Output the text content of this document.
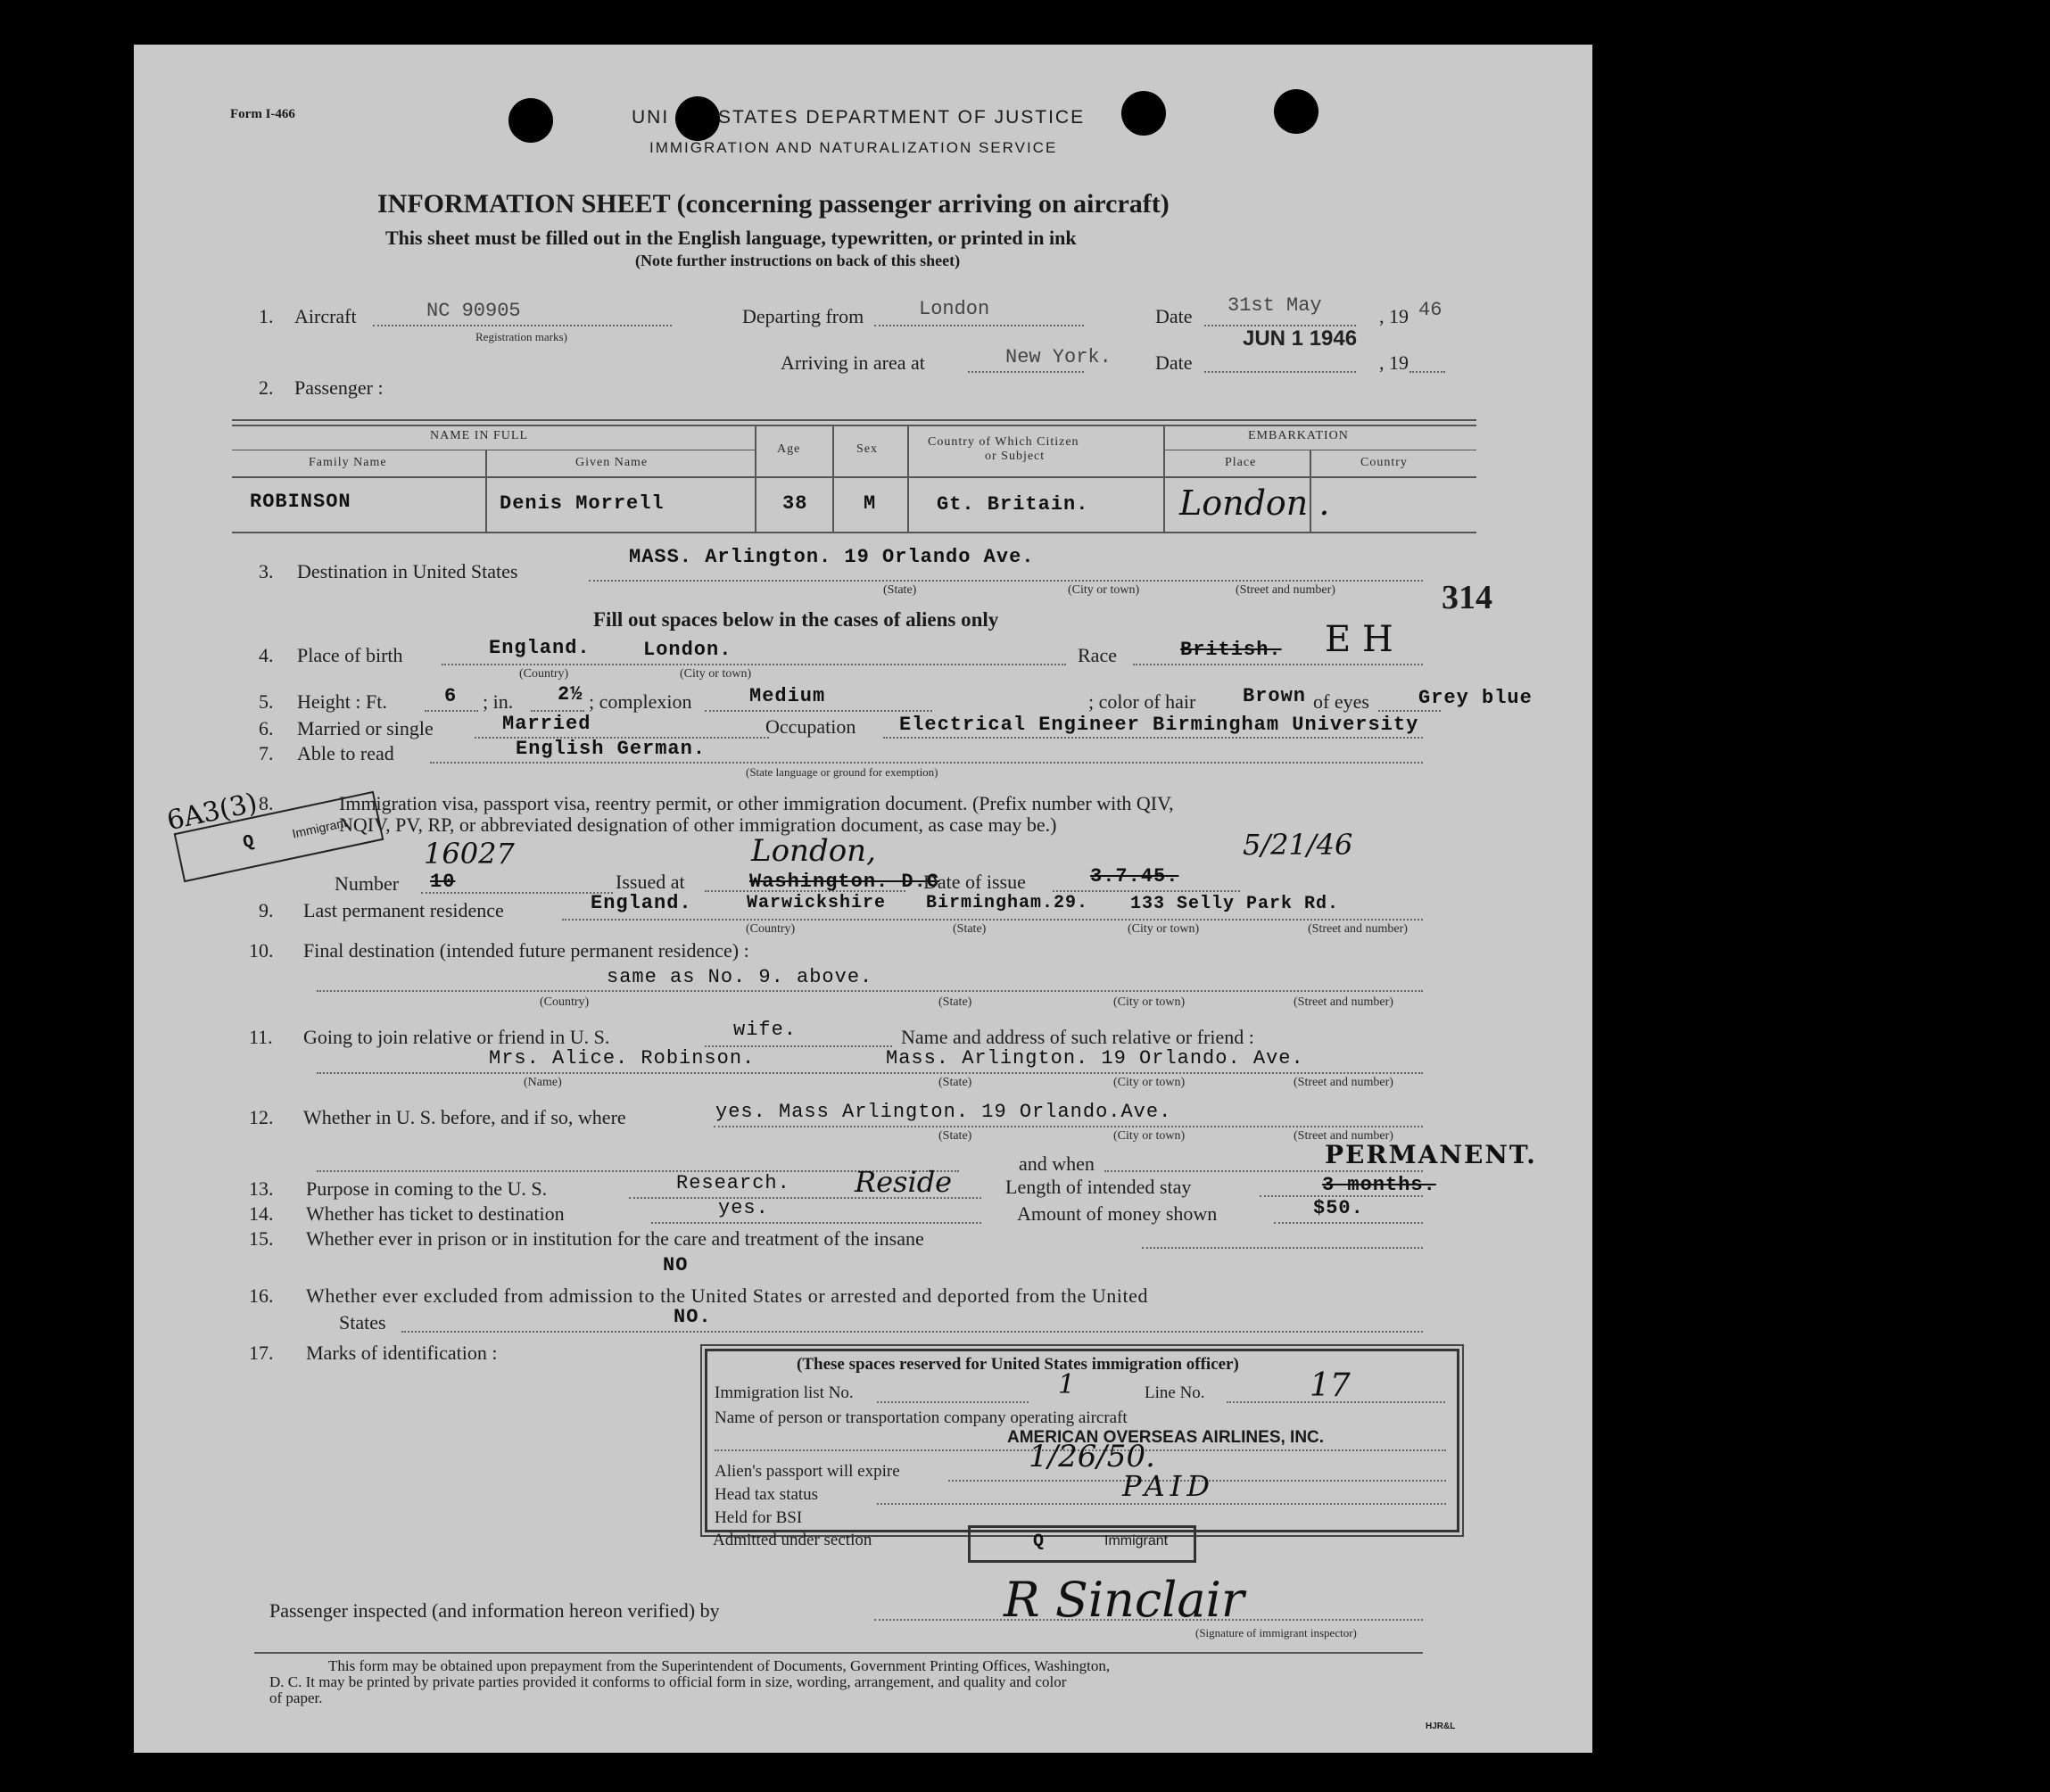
Form I-466	UNI	STATES DEPARTMENT OF JUSTICE
IMMIGRATION AND NATURALIZATION SERVICE
INFORMATION SHEET (concerning passenger arriving on aircraft)
This sheet must be filled out in the English language, typewritten, or printed in ink
(Note further instructions on back of this sheet)
1. Aircraft	NC 90905
Registration marks)
Departing from	London	Date 31st May	, 19 46
Arriving in area at	New York. Date
JUN 1 1946
, 19
2. Passenger :
NAME IN FULL
Family Name	Given Name
Age	Sex
Country of Which Citizen
or Subject
EMBARKATION
Place	Country
ROBINSON	Denis Morrell	38	M	Gt. Britain.	London .
3. Destination in United States
MASS. Arlington. 19 Orlando Ave.
(State)	(City or town)	(Street and number)	314
Fill out spaces below in the cases of aliens only
4. Place of birth	England.	London.
(Country)	(City or town)
Race	British. E H
5. Height : Ft.	6 ; in. 2½ ; complexion	Medium	; color of hair Brown of eyes	Grey blue
6. Married or single	Married	Occupation Electrical Engineer Birmingham University
7. Able to read	English German.
(State language or ground for exemption)
8.	Immigration visa, passport visa, reentry permit, or other immigration document. (Prefix number with QIV,
NQIV, PV, RP, or abbreviated designation of other immigration document, as case may be.)
6A3(3)
Q
Immigrant
Number 10
16027
Issued at	Washington. D.C
London,
Date of issue	3.7.45.
5/21/46
9. Last permanent residence	England.	Warwickshire Birmingham.29. 133 Selly Park Rd.
(Country)	(State)	(City or town)	(Street and number)
10. Final destination (intended future permanent residence) :
same as No. 9. above.
(Country)	(State)	(City or town)	(Street and number)
11. Going to join relative or friend in U. S.	wife.	Name and address of such relative or friend :
Mrs. Alice. Robinson.	Mass. Arlington. 19 Orlando. Ave.
(Name)	(State)	(City or town)	(Street and number)
12. Whether in U. S. before, and if so, where	yes. Mass Arlington. 19 Orlando.Ave.
(State)	(City or town)	(Street and number)
and when
13. Purpose in coming to the U. S.	Research. Reside	Length of intended stay	3 months.
PERMANENT.
14. Whether has ticket to destination	yes.	Amount of money shown	$50.
15. Whether ever in prison or in institution for the care and treatment of the insane
NO
16. Whether ever excluded from admission to the United States or arrested and deported from the United
States	NO.
17. Marks of identification :
(These spaces reserved for United States immigration officer)
Immigration list No.	1	Line No.	17
Name of person or transportation company operating aircraft
AMERICAN OVERSEAS AIRLINES, INC.
Alien's passport will expire	1/26/50.
Head tax status	PAID
Held for BSI
Admitted under section	Q	Immigrant
Passenger inspected (and information hereon verified) by	R Sinclair
(Signature of immigrant inspector)
This form may be obtained upon prepayment from the Superintendent of Documents, Government Printing Offices, Washington,
D. C. It may be printed by private parties provided it conforms to official form in size, wording, arrangement, and quality and color
of paper.
HJR&L
